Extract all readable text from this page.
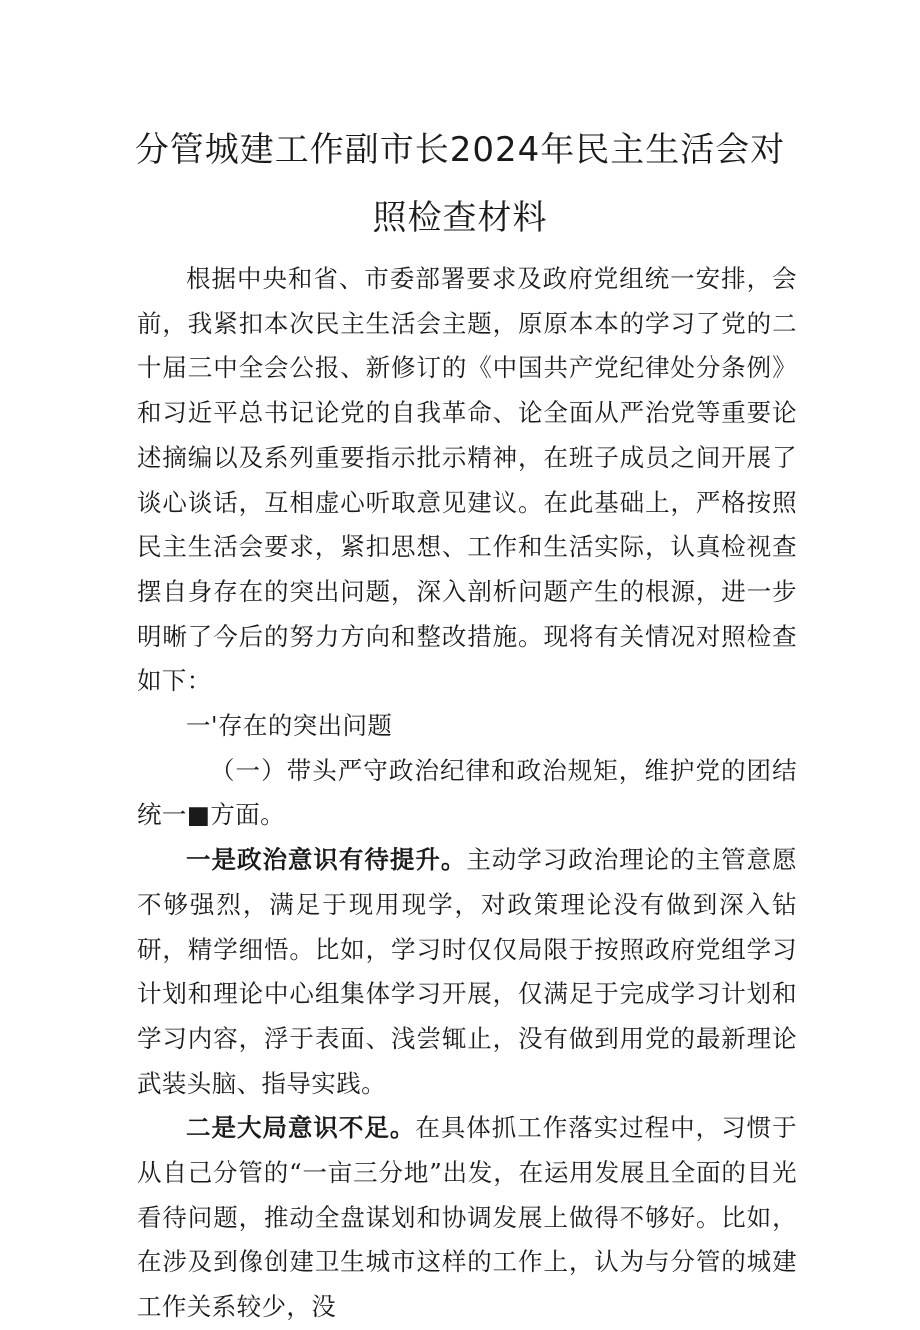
分管城建工作副市长2024年民主生活会对
照检查材料

根据中央和省、市委部署要求及政府党组统一安排，会前，我紧扣本次民主生活会主题，原原本本的学习了党的二十届三中全会公报、新修订的《中国共产党纪律处分条例》和习近平总书记论党的自我革命、论全面从严治党等重要论述摘编以及系列重要指示批示精神，在班子成员之间开展了谈心谈话，互相虚心听取意见建议。在此基础上，严格按照民主生活会要求，紧扣思想、工作和生活实际，认真检视查摆自身存在的突出问题，深入剖析问题产生的根源，进一步明晰了今后的努力方向和整改措施。现将有关情况对照检查如下：

一'存在的突出问题

（一）带头严守政治纪律和政治规矩，维护党的团结统一■方面。

一是政治意识有待提升。主动学习政治理论的主管意愿不够强烈，满足于现用现学，对政策理论没有做到深入钻研，精学细悟。比如，学习时仅仅局限于按照政府党组学习计划和理论中心组集体学习开展，仅满足于完成学习计划和学习内容，浮于表面、浅尝辄止，没有做到用党的最新理论武装头脑、指导实践。

二是大局意识不足。在具体抓工作落实过程中，习惯于从自己分管的“一亩三分地”出发，在运用发展且全面的目光看待问题，推动全盘谋划和协调发展上做得不够好。比如，在涉及到像创建卫生城市这样的工作上，认为与分管的城建工作关系较少，没
